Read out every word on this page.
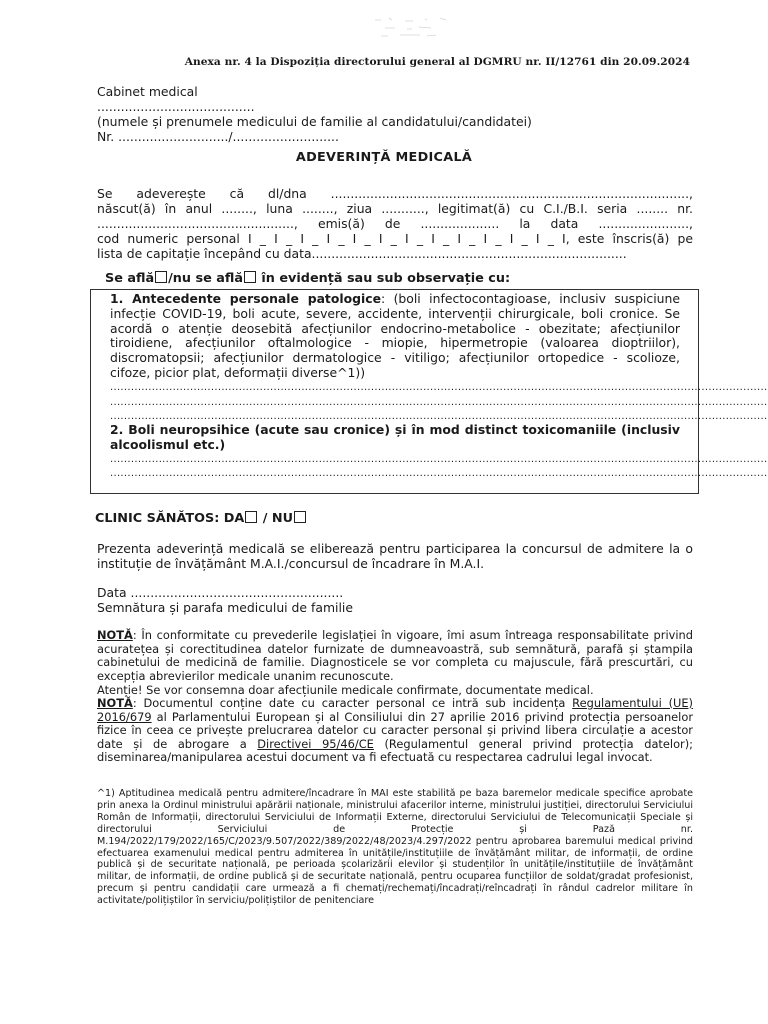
Anexa nr. 4 la Dispoziția directorului general al DGMRU nr. II/12761 din 20.09.2024
Cabinet medical
........................................
(numele și prenumele medicului de familie al candidatului/candidatei)
Nr. ............................/...........................
ADEVERINȚĂ MEDICALĂ
Se adeverește că dl/dna ...........................................................................................,
născut(ă) în anul ........, luna ........, ziua ..........., legitimat(ă) cu C.I./B.I. seria ........ nr.
.................................................., emis(ă) de .................... la data .......................,
cod numeric personal I _ I _ I _ I _ I _ I _ I _ I _ I _ I _ I _ I _ I, este înscris(ă) pe
lista de capitație începând cu data................................................................................
Se află /nu se află în evidență sau sub observație cu:
1. Antecedente personale patologice: (boli infectocontagioase, inclusiv suspiciune infecție COVID-19, boli acute, severe, accidente, intervenții chirurgicale, boli cronice. Se acordă o atenție deosebită afecțiunilor endocrino-metabolice - obezitate; afecțiunilor tiroidiene, afecțiunilor oftalmologice - miopie, hipermetropie (valoarea dioptriilor), discromatopsii; afecțiunilor dermatologice - vitiligo; afecțiunilor ortopedice - scolioze, cifoze, picior plat, deformații diverse^1))
.............................................................................................................................................................................................
.............................................................................................................................................................................................
.............................................................................................................................................................................................
2. Boli neuropsihice (acute sau cronice) și în mod distinct toxicomaniile (inclusiv alcoolismul etc.)
.............................................................................................................................................................................................
.............................................................................................................................................................................................
CLINIC SĂNĂTOS: DA / NU
Prezenta adeverință medicală se eliberează pentru participarea la concursul de admitere la o instituție de învățământ M.A.I./concursul de încadrare în M.A.I.
Data ......................................................
Semnătura și parafa medicului de familie
NOTĂ: În conformitate cu prevederile legislației în vigoare, îmi asum întreaga responsabilitate privind acuratețea și corectitudinea datelor furnizate de dumneavoastră, sub semnătură, parafă și ștampila cabinetului de medicină de familie. Diagnosticele se vor completa cu majuscule, fără prescurtări, cu excepția abrevierilor medicale unanim recunoscute.
Atenție! Se vor consemna doar afecțiunile medicale confirmate, documentate medical.
NOTĂ: Documentul conține date cu caracter personal ce intră sub incidența Regulamentului (UE) 2016/679 al Parlamentului European și al Consiliului din 27 aprilie 2016 privind protecția persoanelor fizice în ceea ce privește prelucrarea datelor cu caracter personal și privind libera circulație a acestor date și de abrogare a Directivei 95/46/CE (Regulamentul general privind protecția datelor); diseminarea/manipularea acestui document va fi efectuată cu respectarea cadrului legal invocat.
^1) Aptitudinea medicală pentru admitere/încadrare în MAI este stabilită pe baza baremelor medicale specifice aprobate prin anexa la Ordinul ministrului apărării naționale, ministrului afacerilor interne, ministrului justiției, directorului Serviciului Român de Informații, directorului Serviciului de Informații Externe, directorului Serviciului de Telecomunicații Speciale și directorului Serviciului de Protecție și Pază nr. M.194/2022/179/2022/165/C/2023/9.507/2022/389/2022/48/2023/4.297/2022 pentru aprobarea baremului medical privind efectuarea examenului medical pentru admiterea în unitățile/instituțiile de învățământ militar, de informații, de ordine publică și de securitate națională, pe perioada școlarizării elevilor și studenților în unitățile/instituțiile de învățământ militar, de informații, de ordine publică și de securitate națională, pentru ocuparea funcțiilor de soldat/gradat profesionist, precum și pentru candidații care urmează a fi chemați/rechemați/încadrați/reîncadrați în rândul cadrelor militare în activitate/polițiștilor în serviciu/polițiștilor de penitenciare
